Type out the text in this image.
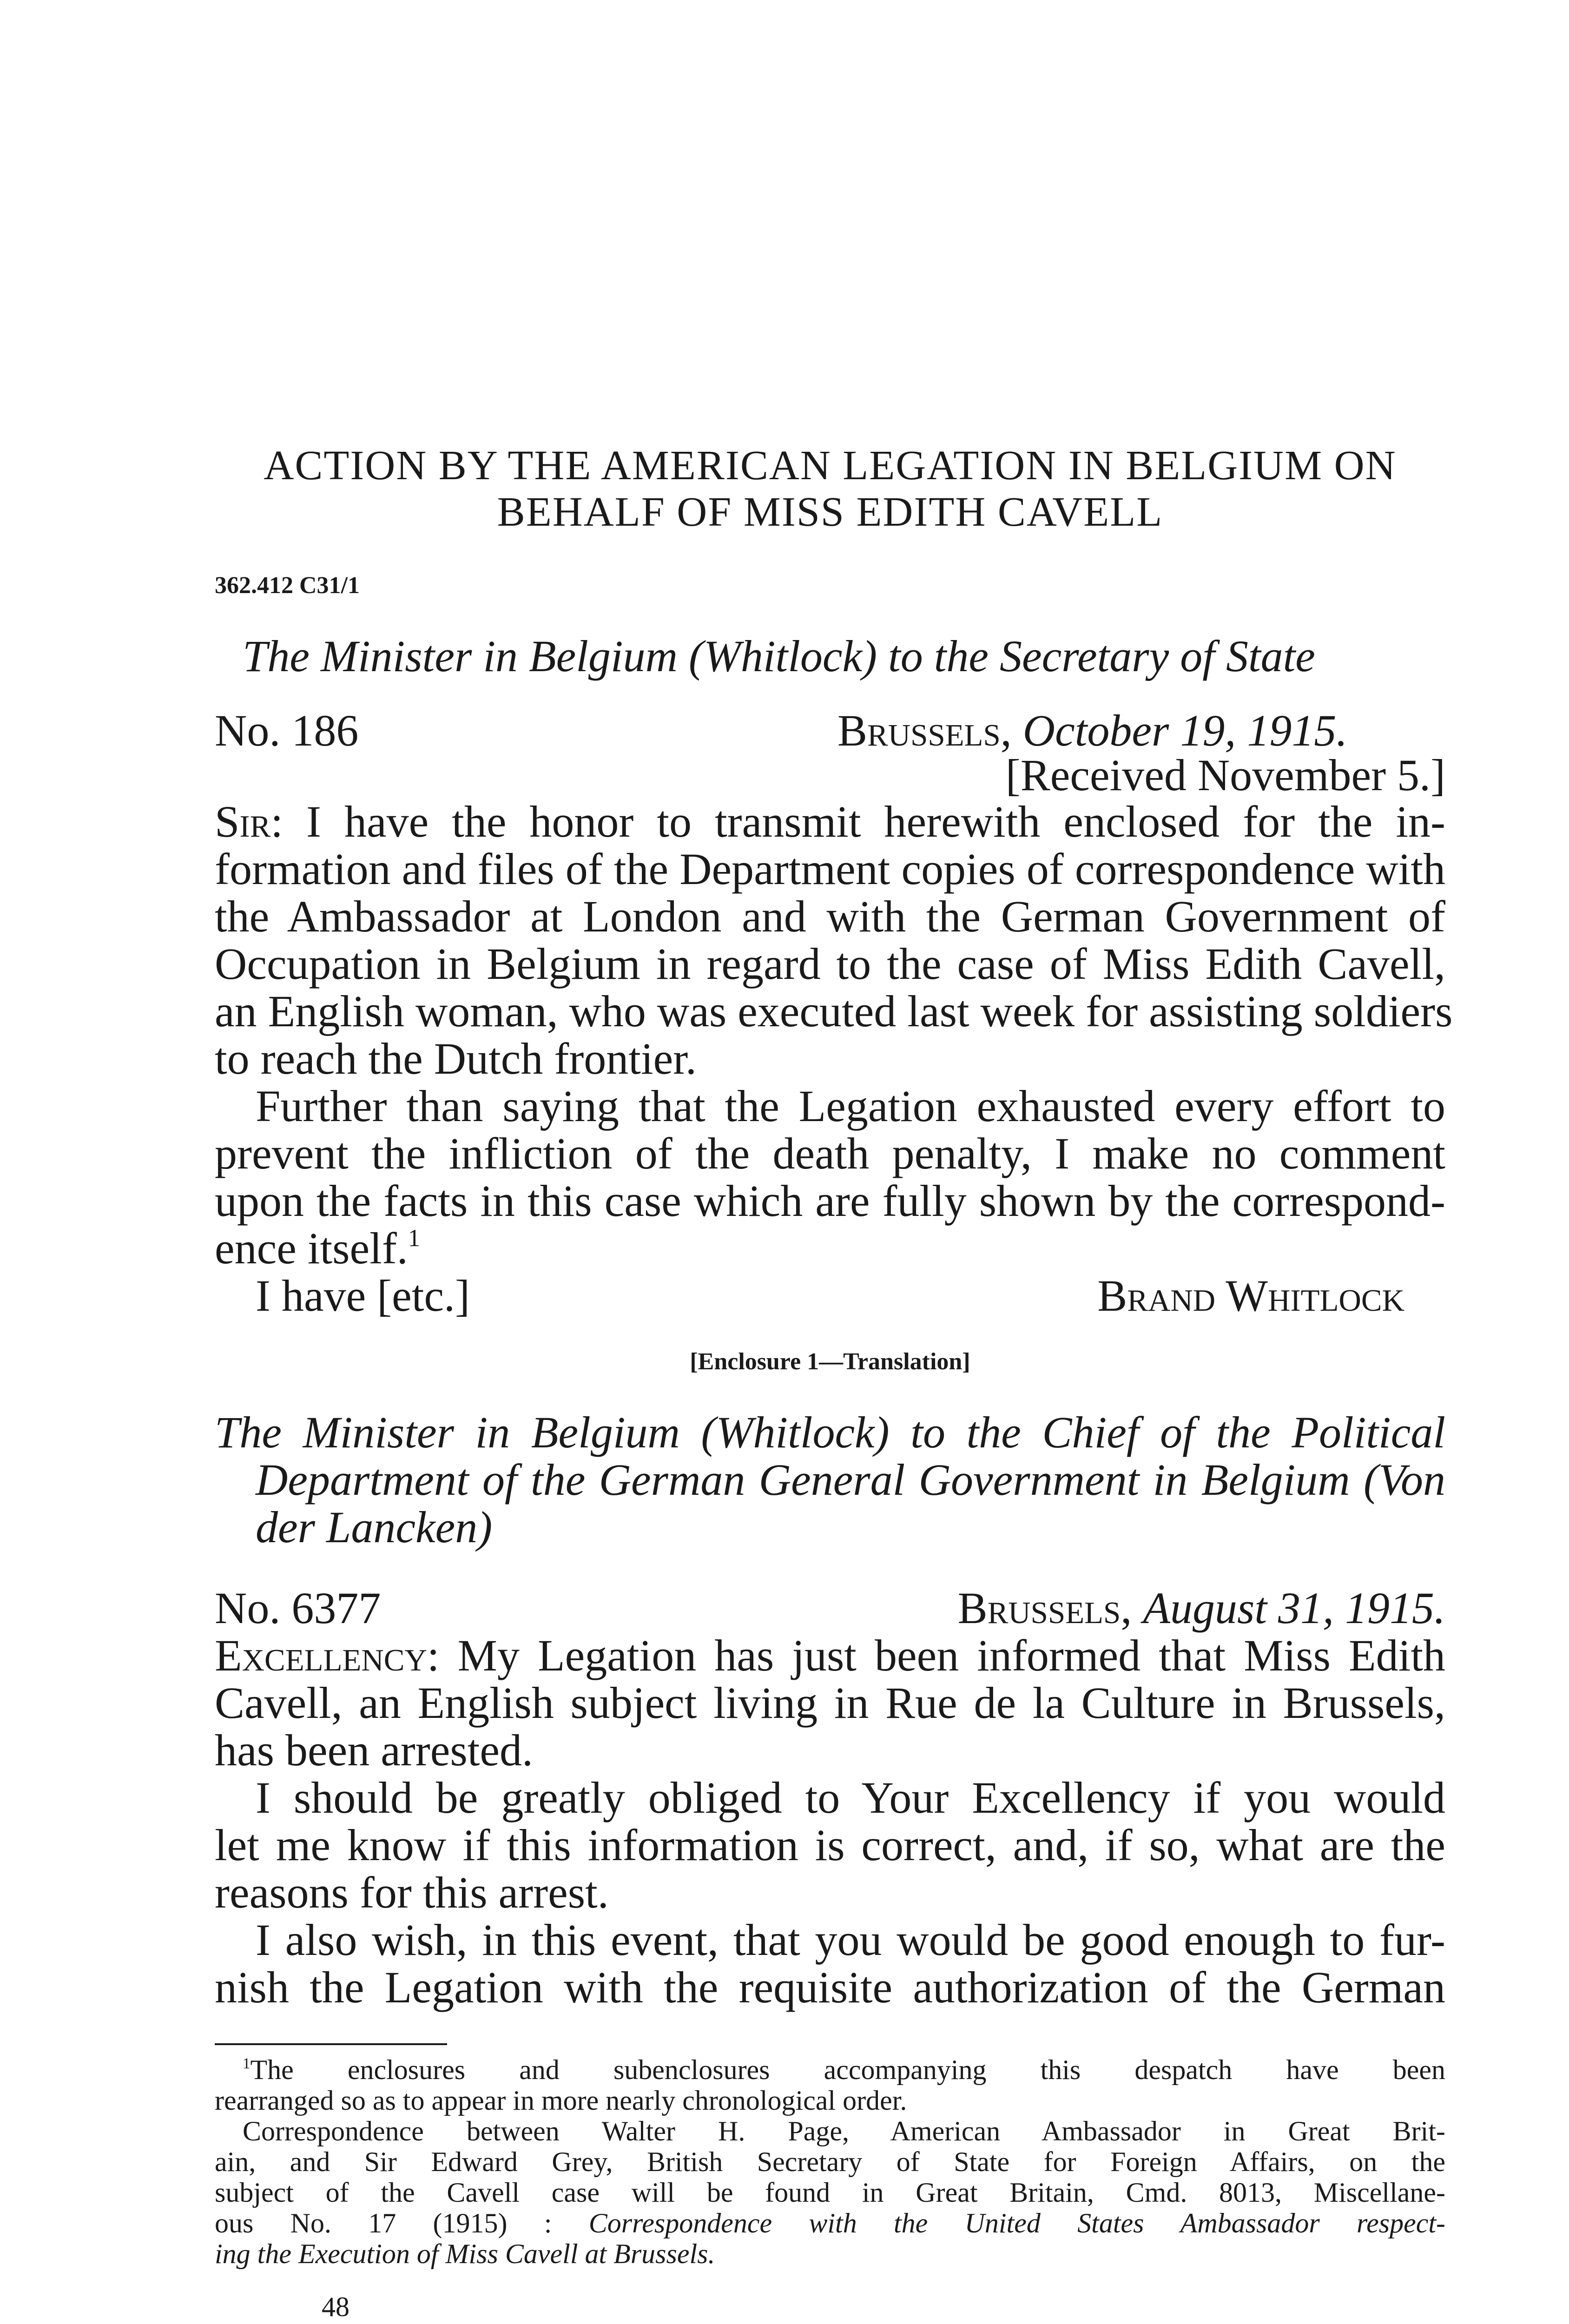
ACTION BY THE AMERICAN LEGATION IN BELGIUM ON
BEHALF OF MISS EDITH CAVELL
362.412 C31/1
The Minister in Belgium (Whitlock) to the Secretary of State
No. 186	Brussels, October 19, 1915.
[Received November 5.]
Sir: I have the honor to transmit herewith enclosed for the in-
formation and files of the Department copies of correspondence with
the Ambassador at London and with the German Government of
Occupation in Belgium in regard to the case of Miss Edith Cavell,
an English woman, who was executed last week for assisting soldiers
to reach the Dutch frontier.
Further than saying that the Legation exhausted every effort to
prevent the infliction of the death penalty, I make no comment
upon the facts in this case which are fully shown by the correspond-
ence itself.$^1$
I have [etc.]	Brand Whitlock
[Enclosure 1—Translation]
The Minister in Belgium (Whitlock) to the Chief of the Political
Department of the German General Government in Belgium (Von
der Lancken)
No. 6377	Brussels, August 31, 1915.
Excellency: My Legation has just been informed that Miss Edith
Cavell, an English subject living in Rue de la Culture in Brussels,
has been arrested.
I should be greatly obliged to Your Excellency if you would
let me know if this information is correct, and, if so, what are the
reasons for this arrest.
I also wish, in this event, that you would be good enough to fur-
nish the Legation with the requisite authorization of the German
$^1$The enclosures and subenclosures accompanying this despatch have been
rearranged so as to appear in more nearly chronological order.
Correspondence between Walter H. Page, American Ambassador in Great Brit-
ain, and Sir Edward Grey, British Secretary of State for Foreign Affairs, on the
subject of the Cavell case will be found in Great Britain, Cmd. 8013, Miscellane-
ous No. 17 (1915) : Correspondence with the United States Ambassador respect-
ing the Execution of Miss Cavell at Brussels.
48
